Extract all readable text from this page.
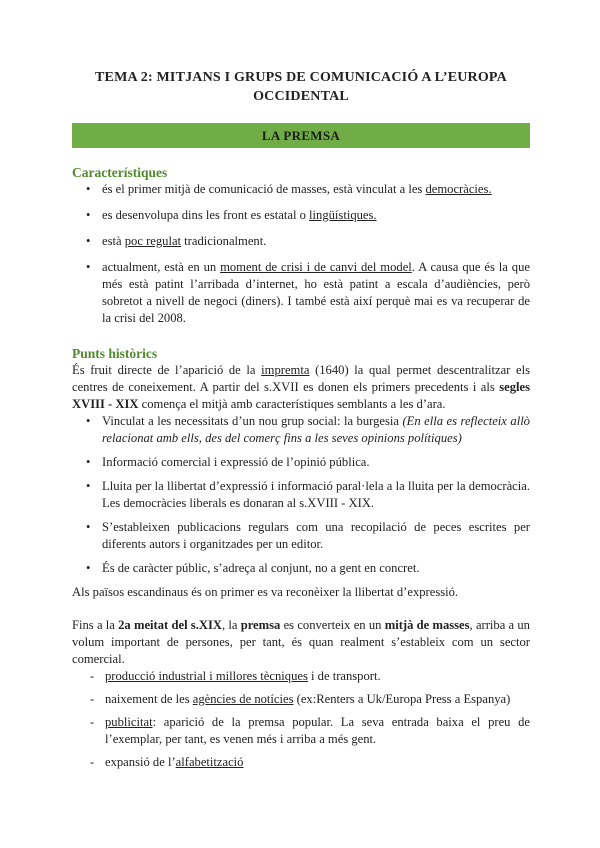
TEMA 2: MITJANS I GRUPS DE COMUNICACIÓ A L’EUROPA OCCIDENTAL

LA PREMSA

Característiques

• és el primer mitjà de comunicació de masses, està vinculat a les democràcies.
• es desenvolupa dins les front es estatal o lingüístiques.
• està poc regulat tradicionalment.
• actualment, està en un moment de crisi i de canvi del model. A causa que és la que més està patint l’arribada d’internet, ho està patint a escala d’audiències, però sobretot a nivell de negoci (diners). I també està així perquè mai es va recuperar de la crisi del 2008.

Punts històrics

És fruit directe de l’aparició de la impremta (1640) la qual permet descentralitzar els centres de coneixement. A partir del s.XVII es donen els primers precedents i als segles XVIII - XIX comença el mitjà amb característiques semblants a les d’ara.

• Vinculat a les necessitats d’un nou grup social: la burgesia (En ella es reflecteix allò relacionat amb ells, des del comerç fins a les seves opinions polítiques)
• Informació comercial i expressió de l’opinió pública.
• Lluita per la llibertat d’expressió i informació paral·lela a la lluita per la democràcia. Les democràcies liberals es donaran al s.XVIII - XIX.
• S’estableixen publicacions regulars com una recopilació de peces escrites per diferents autors i organitzades per un editor.
• És de caràcter públic, s’adreça al conjunt, no a gent en concret.

Als països escandinaus és on primer es va reconèixer la llibertat d’expressió.

Fins a la 2a meitat del s.XIX, la premsa es converteix en un mitjà de masses, arriba a un volum important de persones, per tant, és quan realment s’estableix com un sector comercial.

- producció industrial i millores tècniques i de transport.
- naixement de les agències de notícies (ex:Renters a Uk/Europa Press a Espanya)
- publicitat: aparició de la premsa popular. La seva entrada baixa el preu de l’exemplar, per tant, es venen més i arriba a més gent.
- expansió de l’alfabetització
